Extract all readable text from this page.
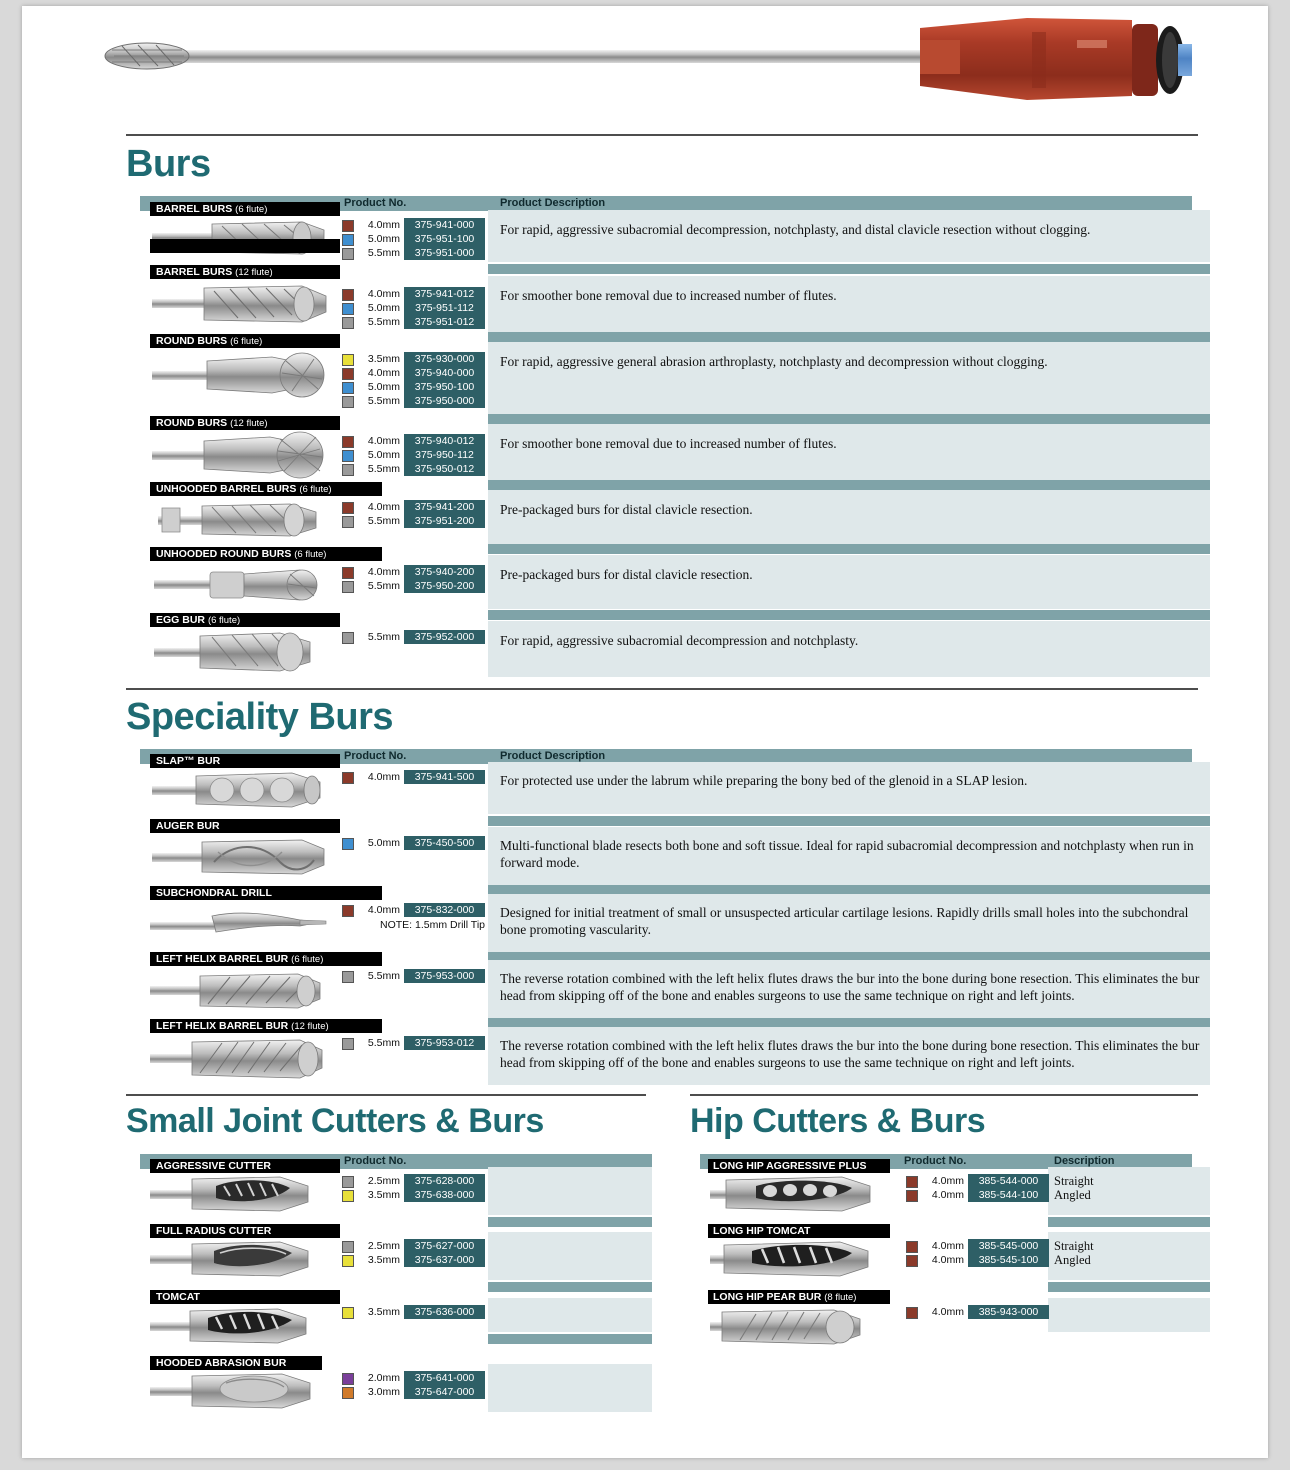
Burs
Product No.	Product Description
BARREL BURS (6 flute)
For rapid, aggressive subacromial decompression, notchplasty, and distal clavicle resection without clogging.
4.0mm	375-941-000
5.0mm	375-951-100
5.5mm	375-951-000
BARREL BURS (12 flute)
For smoother bone removal due to increased number of flutes.
4.0mm	375-941-012
5.0mm	375-951-112
5.5mm	375-951-012
ROUND BURS (6 flute)
For rapid, aggressive general abrasion arthroplasty, notchplasty and decompression without clogging.
3.5mm	375-930-000
4.0mm	375-940-000
5.0mm	375-950-100
5.5mm	375-950-000
ROUND BURS (12 flute)
For smoother bone removal due to increased number of flutes.
4.0mm	375-940-012
5.0mm	375-950-112
5.5mm	375-950-012
UNHOODED BARREL BURS (6 flute)
Pre-packaged burs for distal clavicle resection.
4.0mm	375-941-200
5.5mm	375-951-200
UNHOODED ROUND BURS (6 flute)
Pre-packaged burs for distal clavicle resection.
4.0mm	375-940-200
5.5mm	375-950-200
EGG BUR (6 flute)
For rapid, aggressive subacromial decompression and notchplasty.
5.5mm	375-952-000
Speciality Burs
Product No.	Product Description
SLAP™ BUR
For protected use under the labrum while preparing the bony bed of the glenoid in a SLAP lesion.
4.0mm	375-941-500
AUGER BUR
Multi-functional blade resects both bone and soft tissue. Ideal for rapid subacromial decompression and notchplasty when run in forward mode.
5.0mm	375-450-500
SUBCHONDRAL DRILL
Designed for initial treatment of small or unsuspected articular cartilage lesions. Rapidly drills small holes into the subchondral bone promoting vascularity.
4.0mm	375-832-000
NOTE: 1.5mm Drill Tip
LEFT HELIX BARREL BUR (6 flute)
The reverse rotation combined with the left helix flutes draws the bur into the bone during bone resection. This eliminates the bur head from skipping off of the bone and enables surgeons to use the same technique on right and left joints.
5.5mm	375-953-000
LEFT HELIX BARREL BUR (12 flute)
The reverse rotation combined with the left helix flutes draws the bur into the bone during bone resection. This eliminates the bur head from skipping off of the bone and enables surgeons to use the same technique on right and left joints.
5.5mm	375-953-012
Small Joint Cutters & Burs
Product No.
AGGRESSIVE CUTTER
2.5mm	375-628-000
3.5mm	375-638-000
FULL RADIUS CUTTER
2.5mm	375-627-000
3.5mm	375-637-000
TOMCAT
3.5mm	375-636-000
HOODED ABRASION BUR
2.0mm	375-641-000
3.0mm	375-647-000
Hip Cutters & Burs
Product No.	Description
LONG HIP AGGRESSIVE PLUS
4.0mm	385-544-000	Straight
4.0mm	385-544-100	Angled
LONG HIP TOMCAT
4.0mm	385-545-000	Straight
4.0mm	385-545-100	Angled
LONG HIP PEAR BUR (8 flute)
4.0mm	385-943-000
